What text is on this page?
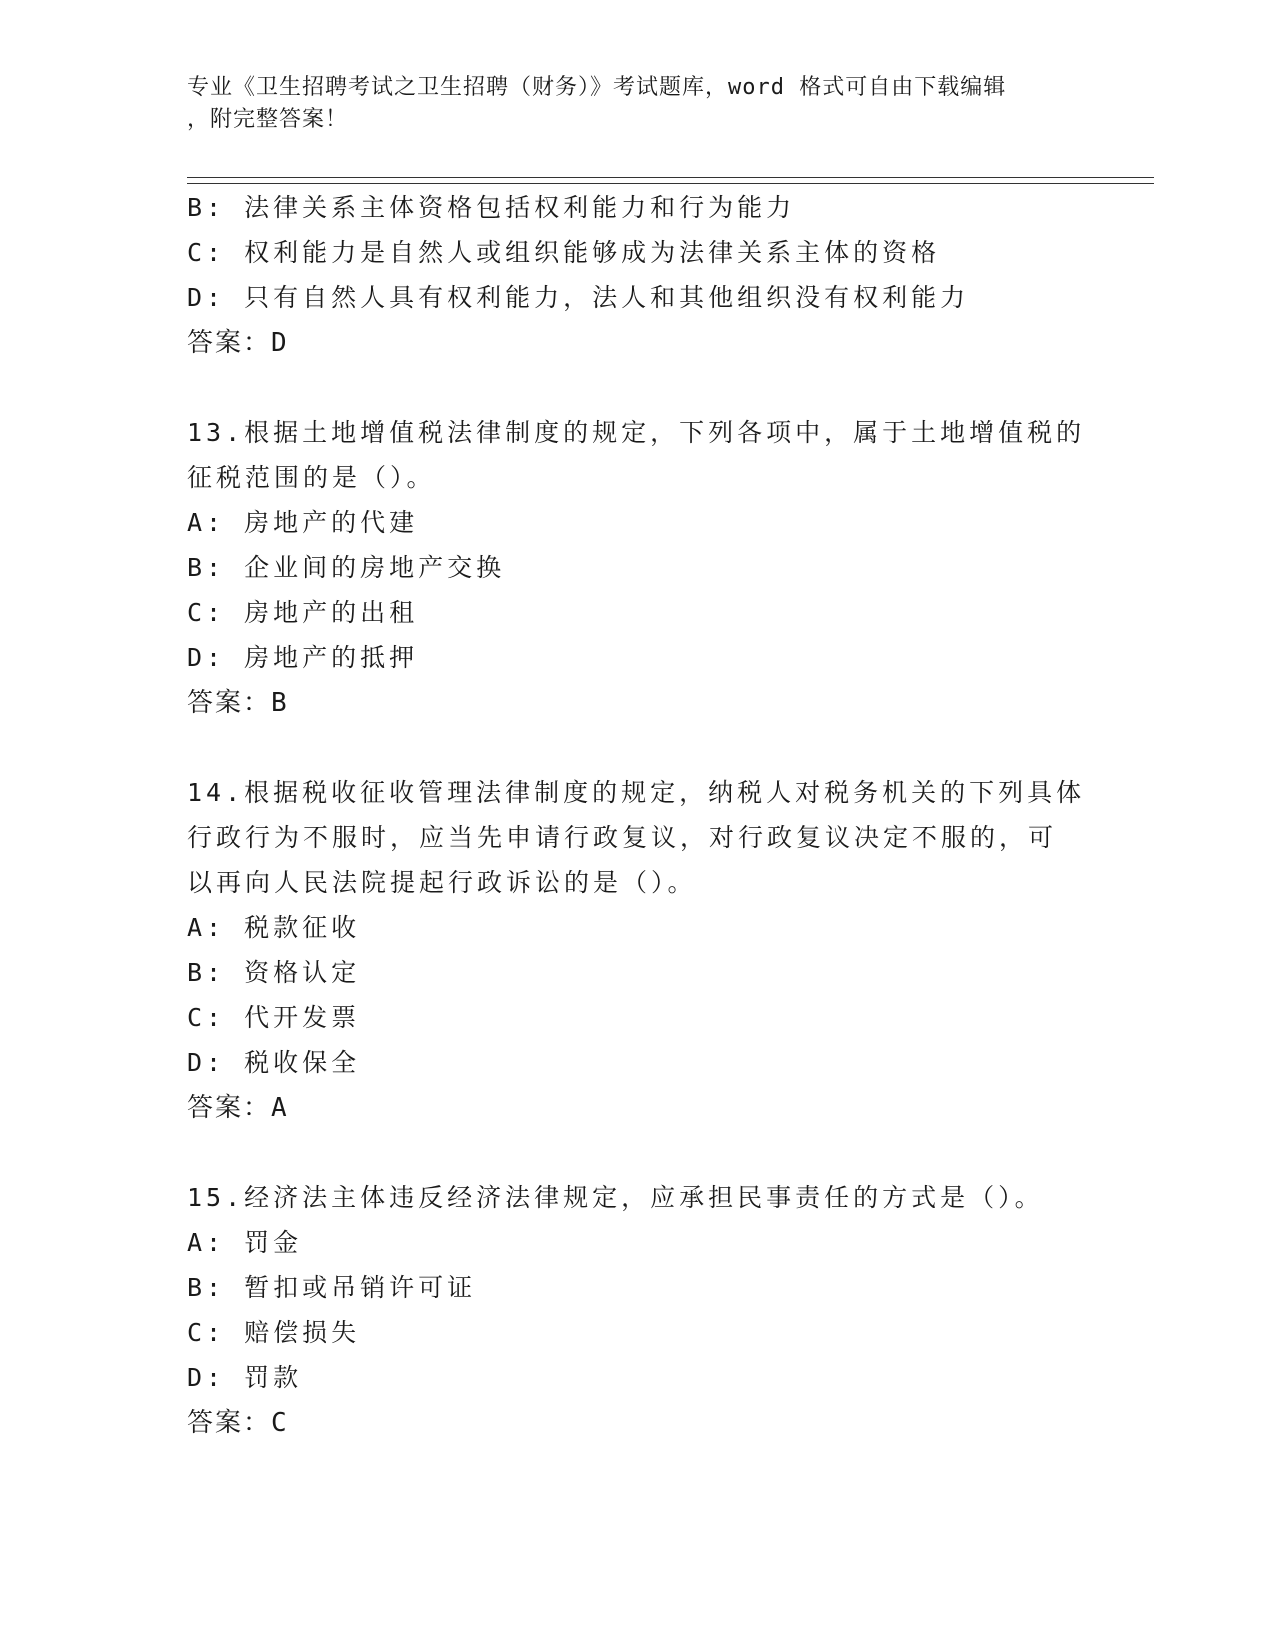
专业《卫生招聘考试之卫生招聘（财务）》考试题库，word 格式可自由下载编辑
，附完整答案！
B: 法律关系主体资格包括权利能力和行为能力
C: 权利能力是自然人或组织能够成为法律关系主体的资格
D: 只有自然人具有权利能力，法人和其他组织没有权利能力
答案：D
13.根据土地增值税法律制度的规定，下列各项中，属于土地增值税的
征税范围的是（）。
A: 房地产的代建
B: 企业间的房地产交换
C: 房地产的出租
D: 房地产的抵押
答案：B
14.根据税收征收管理法律制度的规定，纳税人对税务机关的下列具体
行政行为不服时，应当先申请行政复议，对行政复议决定不服的，可
以再向人民法院提起行政诉讼的是（）。
A: 税款征收
B: 资格认定
C: 代开发票
D: 税收保全
答案：A
15.经济法主体违反经济法律规定，应承担民事责任的方式是（）。
A: 罚金
B: 暂扣或吊销许可证
C: 赔偿损失
D: 罚款
答案：C
